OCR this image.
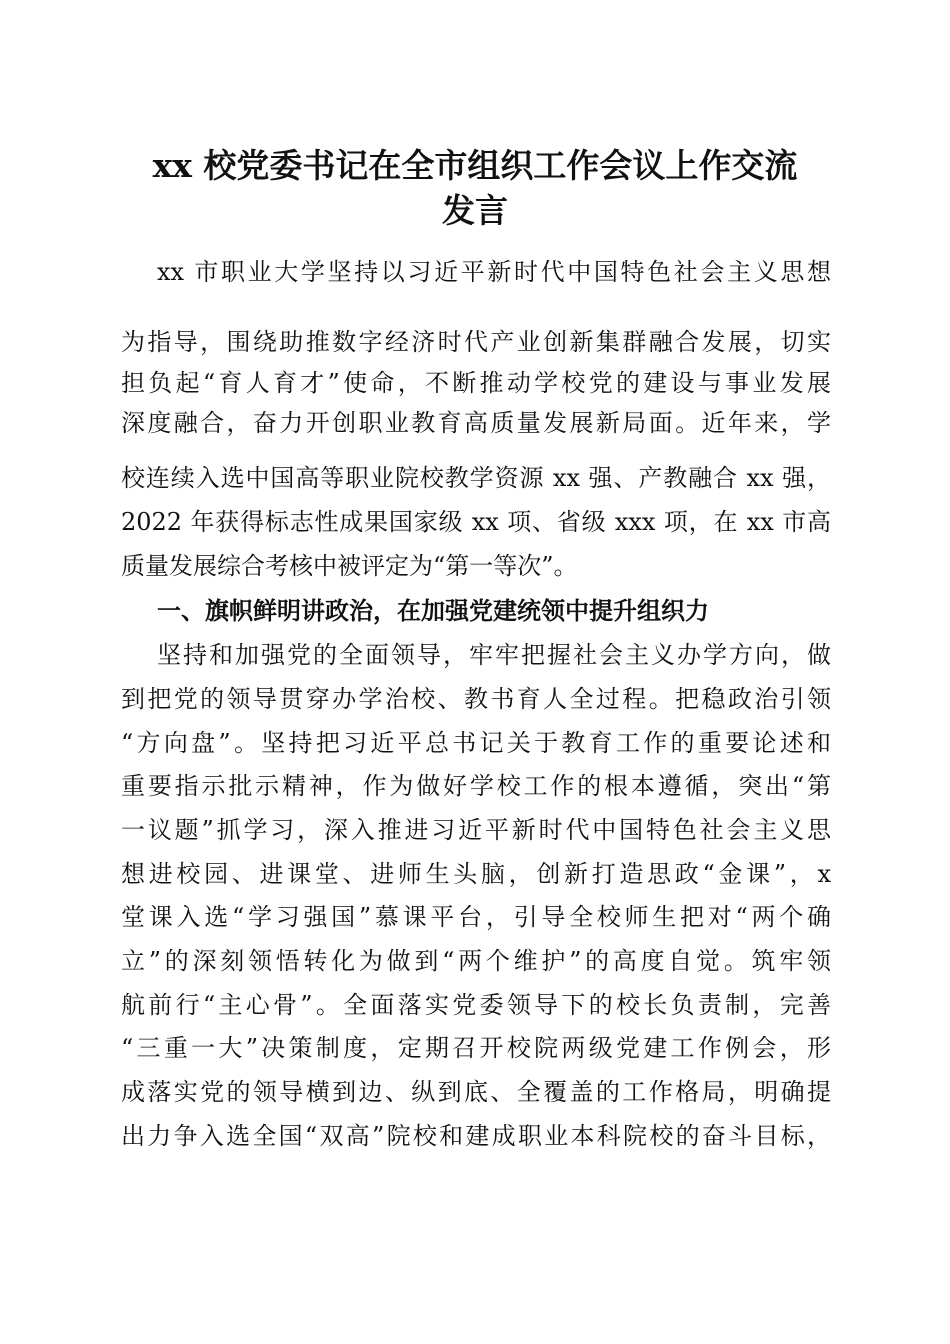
xx 校党委书记在全市组织工作会议上作交流
发言
xx 市职业大学坚持以习近平新时代中国特色社会主义思想
为指导，围绕助推数字经济时代产业创新集群融合发展，切实
担负起“育人育才”使命，不断推动学校党的建设与事业发展
深度融合，奋力开创职业教育高质量发展新局面。近年来，学
校连续入选中国高等职业院校教学资源 xx 强、产教融合 xx 强，
2022 年获得标志性成果国家级 xx 项、省级 xxx 项，在 xx 市高
质量发展综合考核中被评定为“第一等次”。
一、旗帜鲜明讲政治，在加强党建统领中提升组织力
坚持和加强党的全面领导，牢牢把握社会主义办学方向，做
到把党的领导贯穿办学治校、教书育人全过程。把稳政治引领
“方向盘”。坚持把习近平总书记关于教育工作的重要论述和
重要指示批示精神，作为做好学校工作的根本遵循，突出“第
一议题”抓学习，深入推进习近平新时代中国特色社会主义思
想进校园、进课堂、进师生头脑，创新打造思政“金课”，x
堂课入选“学习强国”慕课平台，引导全校师生把对“两个确
立”的深刻领悟转化为做到“两个维护”的高度自觉。筑牢领
航前行“主心骨”。全面落实党委领导下的校长负责制，完善
“三重一大”决策制度，定期召开校院两级党建工作例会，形
成落实党的领导横到边、纵到底、全覆盖的工作格局，明确提
出力争入选全国“双高”院校和建成职业本科院校的奋斗目标，
